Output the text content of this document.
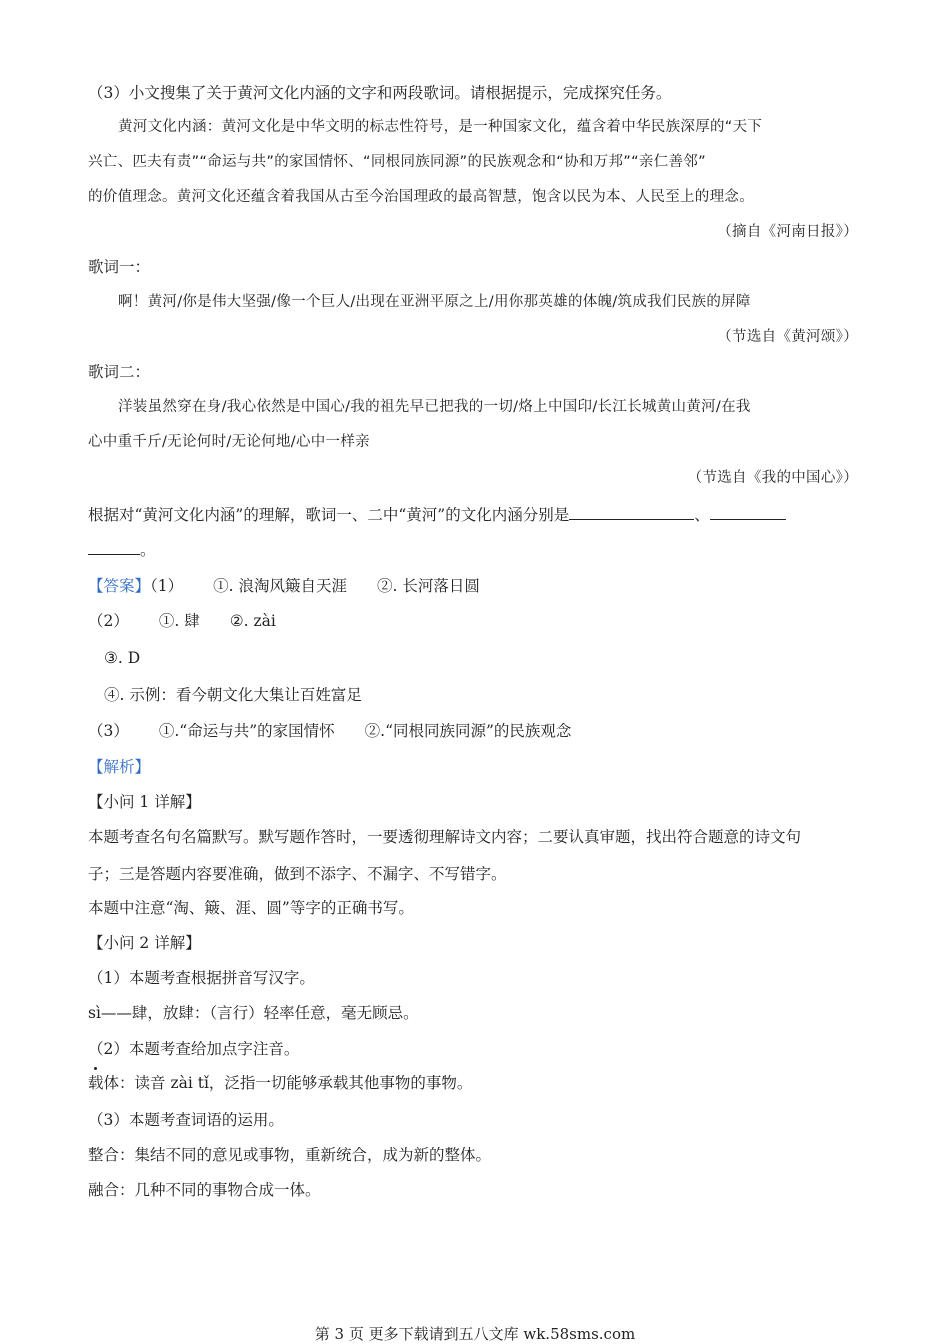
（3）小文搜集了关于黄河文化内涵的文字和两段歌词。请根据提示，完成探究任务。
黄河文化内涵：黄河文化是中华文明的标志性符号，是一种国家文化，蕴含着中华民族深厚的“天下
兴亡、匹夫有责”“命运与共”的家国情怀、“同根同族同源”的民族观念和“协和万邦”“亲仁善邻”
的价值理念。黄河文化还蕴含着我国从古至今治国理政的最高智慧，饱含以民为本、人民至上的理念。
（摘自《河南日报》）
歌词一：
啊！黄河/你是伟大坚强/像一个巨人/出现在亚洲平原之上/用你那英雄的体魄/筑成我们民族的屏障
（节选自《黄河颂》）
歌词二：
洋装虽然穿在身/我心依然是中国心/我的祖先早已把我的一切/烙上中国印/长江长城黄山黄河/在我
心中重千斤/无论何时/无论何地/心中一样亲
（节选自《我的中国心》）
根据对“黄河文化内涵”的理解，歌词一、二中“黄河”的文化内涵分别是	、
。
【答案】（1） ①. 浪淘风簸自天涯 ②. 长河落日圆
（2） ①. 肆 ②. zài
③. D
④. 示例：看今朝文化大集让百姓富足
（3） ①.“命运与共”的家国情怀 ②.“同根同族同源”的民族观念
【解析】
【小问 1 详解】
本题考查名句名篇默写。默写题作答时，一要透彻理解诗文内容；二要认真审题，找出符合题意的诗文句
子；三是答题内容要准确，做到不添字、不漏字、不写错字。
本题中注意“淘、簸、涯、圆”等字的正确书写。
【小问 2 详解】
（1）本题考查根据拼音写汉字。
sì——肆，放肆：（言行）轻率任意，毫无顾忌。
（2）本题考查给加点字注音。
载体：读音 zài tǐ，泛指一切能够承载其他事物的事物。
（3）本题考查词语的运用。
整合：集结不同的意见或事物，重新统合，成为新的整体。
融合：几种不同的事物合成一体。
第 3 页 更多下载请到五八文库 wk.58sms.com
